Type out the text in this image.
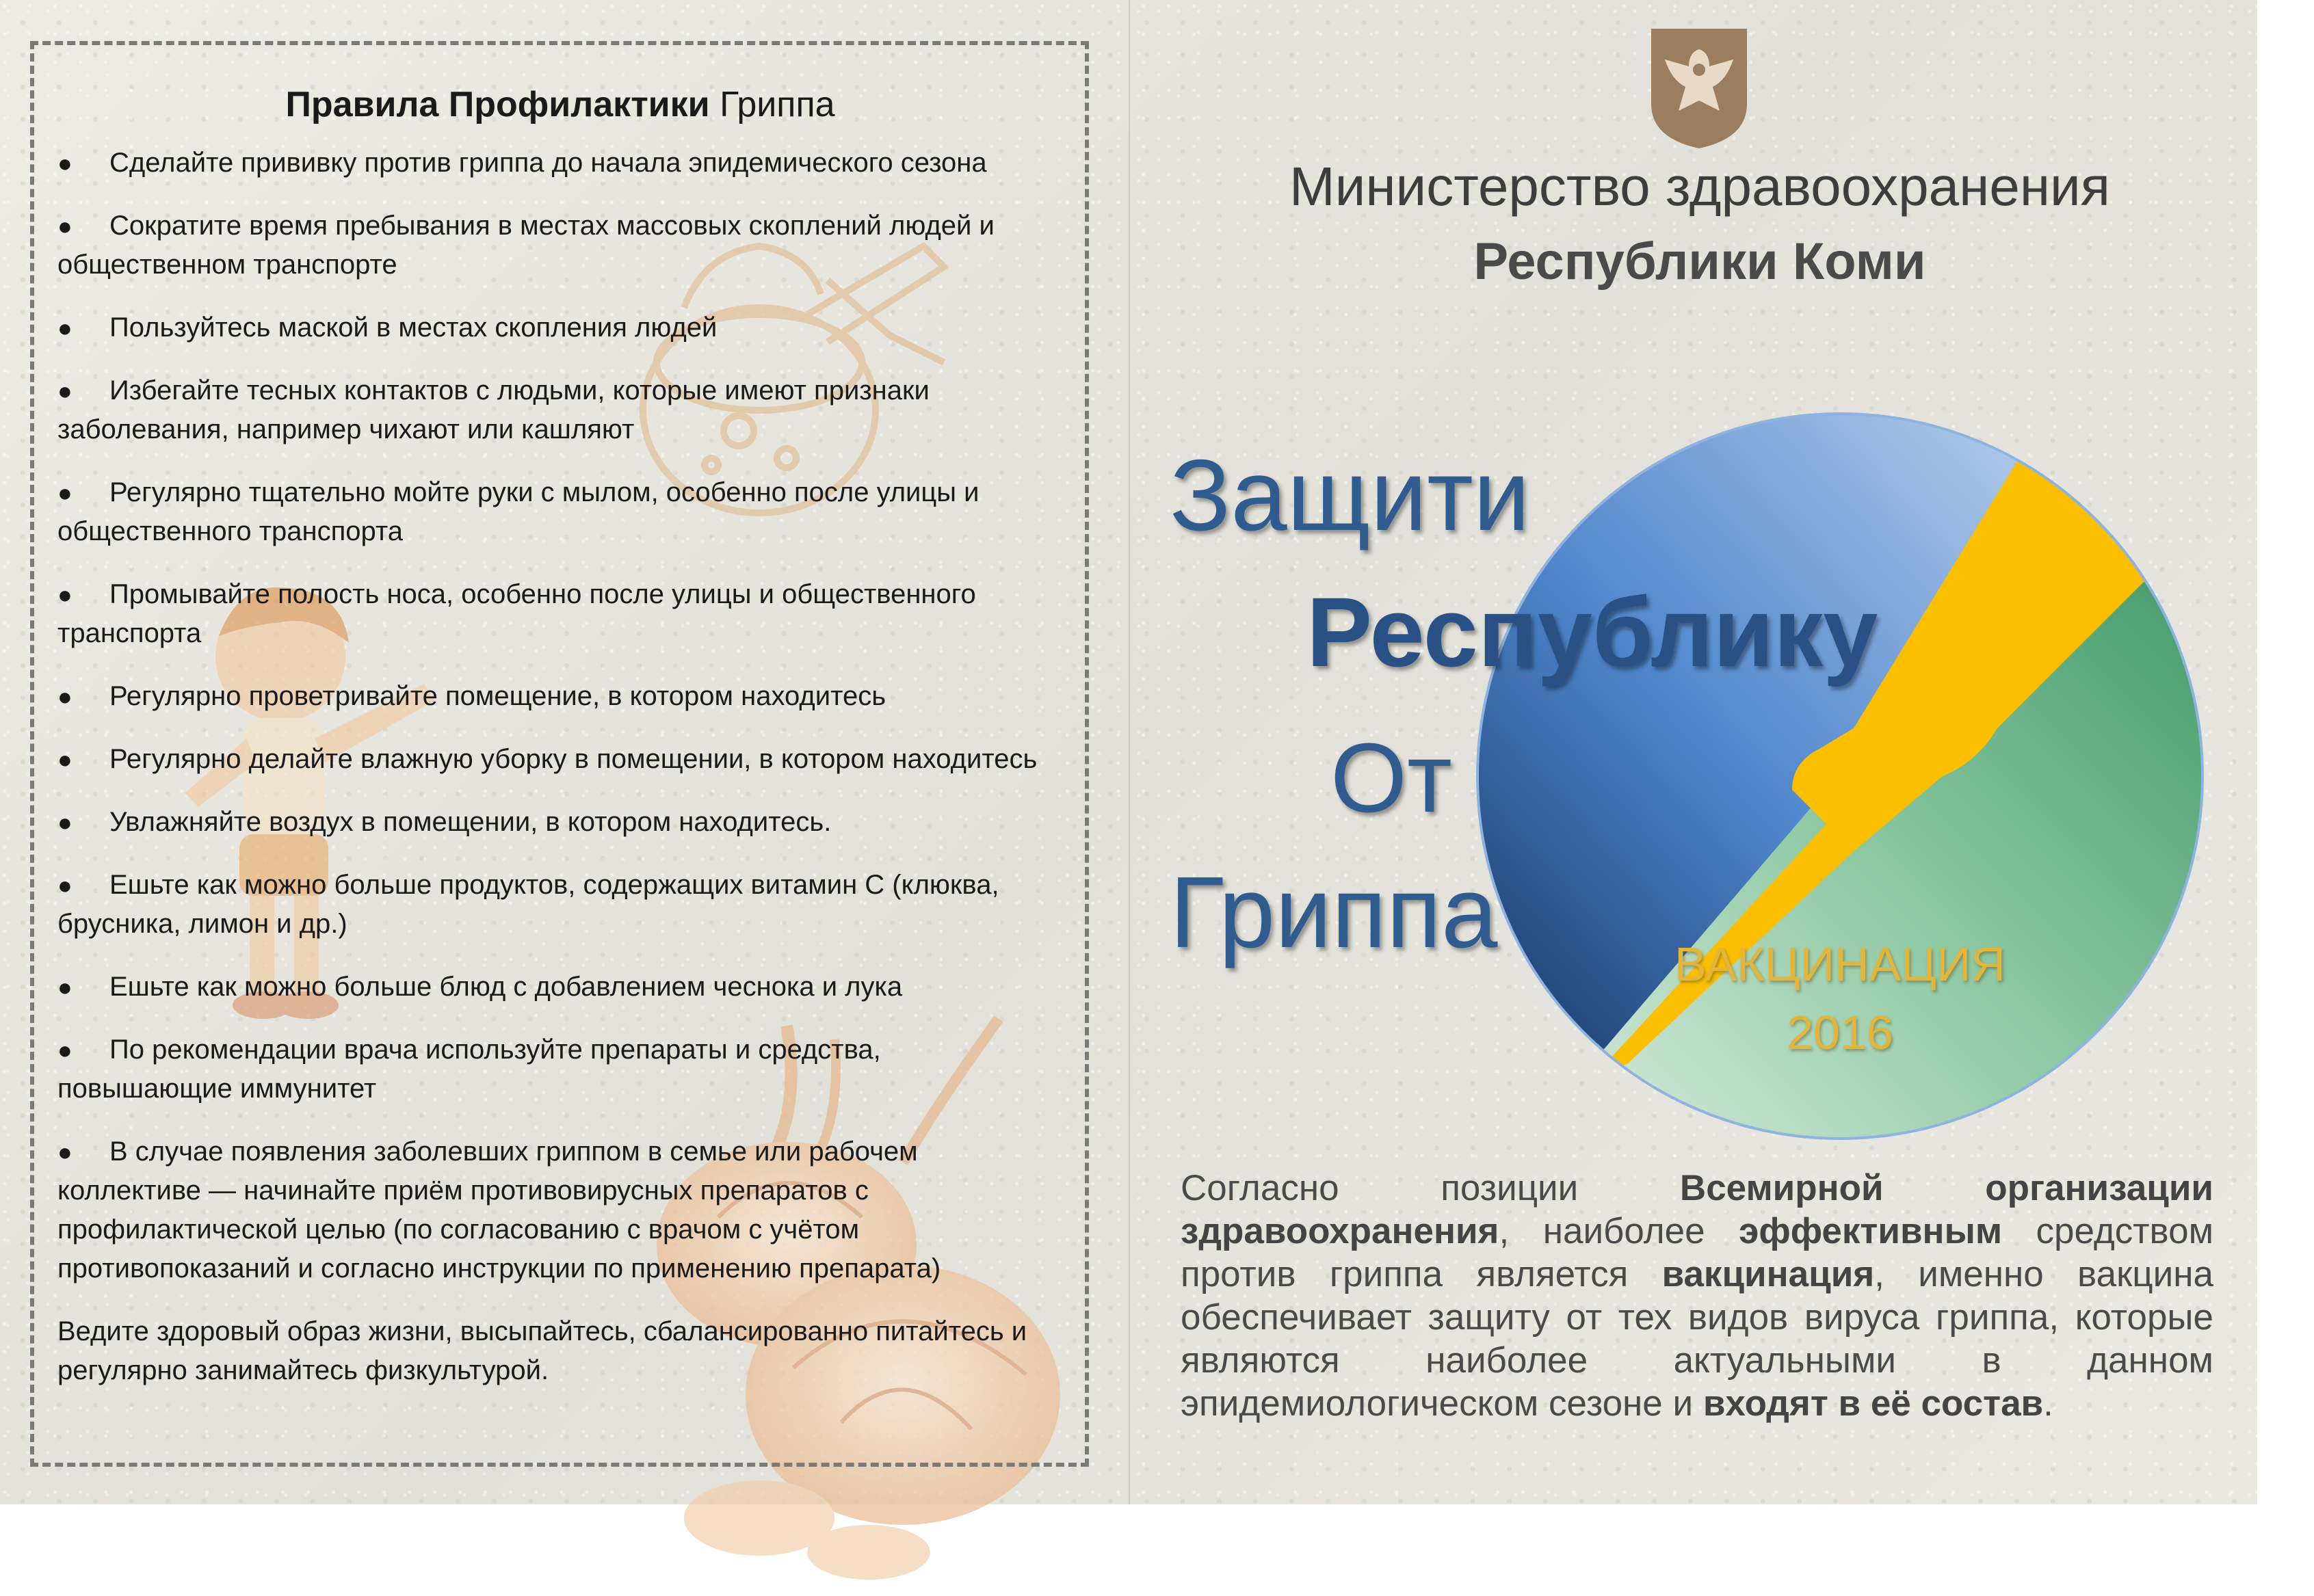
Правила Профилактики Гриппа
● Сделайте прививку против гриппа до начала эпидемического сезона
● Сократите время пребывания в местах массовых скоплений людей и общественном транспорте
● Пользуйтесь маской в местах скопления людей
● Избегайте тесных контактов с людьми, которые имеют признаки заболевания, например чихают или кашляют
● Регулярно тщательно мойте руки с мылом, особенно после улицы и общественного транспорта
● Промывайте полость носа, особенно после улицы и общественного транспорта
● Регулярно проветривайте помещение, в котором находитесь
● Регулярно делайте влажную уборку в помещении, в котором находитесь
● Увлажняйте воздух в помещении, в котором находитесь.
● Ешьте как можно больше продуктов, содержащих витамин С (клюква, брусника, лимон и др.)
● Ешьте как можно больше блюд с добавлением чеснока и лука
● По рекомендации врача используйте препараты и средства, повышающие иммунитет
● В случае появления заболевших гриппом в семье или рабочем коллективе — начинайте приём противовирусных препаратов с профилактической целью (по согласованию с врачом с учётом противопоказаний и согласно инструкции по применению препарата)
Ведите здоровый образ жизни, высыпайтесь, сбалансированно питайтесь и регулярно занимайтесь физкультурой.
Министерство здравоохранения
Республики Коми
Защити
Республику
От
Гриппа	ВАКЦИНАЦИЯ
2016
Согласно позиции Всемирной организации здравоохранения, наиболее эффективным средством против гриппа является вакцинация, именно вакцина обеспечивает защиту от тех видов вируса гриппа, которые являются наиболее актуальными в данном эпидемиологическом сезоне и входят в её состав.
